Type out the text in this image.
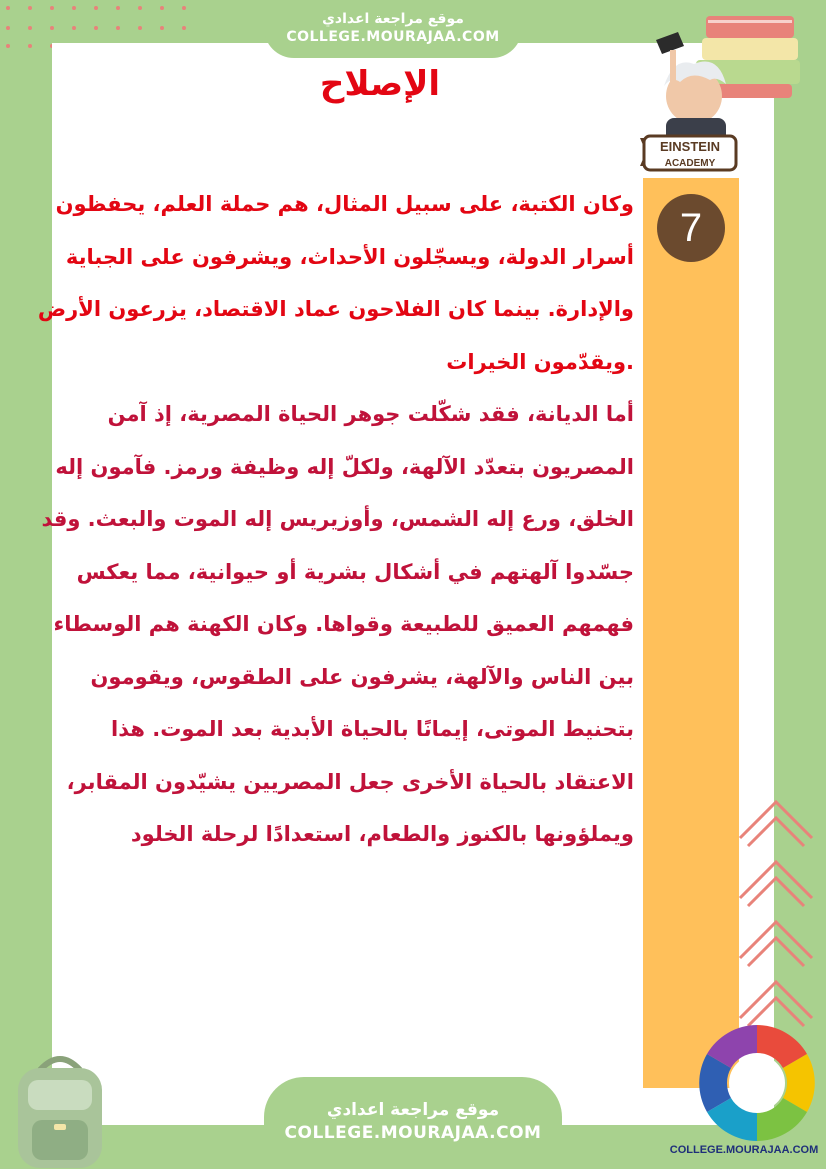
موقع مراجعة اعدادي
COLLEGE.MOURAJAA.COM
الإصلاح
7
EINSTEIN
ACADEMY
وكان الكتبة، على سبيل المثال، هم حملة العلم، يحفظون
أسرار الدولة، ويسجّلون الأحداث، ويشرفون على الجباية
والإدارة. بينما كان الفلاحون عماد الاقتصاد، يزرعون الأرض
.ويقدّمون الخيرات
أما الديانة، فقد شكّلت جوهر الحياة المصرية، إذ آمن
المصريون بتعدّد الآلهة، ولكلّ إله وظيفة ورمز. فآمون إله
الخلق، ورع إله الشمس، وأوزيريس إله الموت والبعث. وقد
جسّدوا آلهتهم في أشكال بشرية أو حيوانية، مما يعكس
فهمهم العميق للطبيعة وقواها. وكان الكهنة هم الوسطاء
بين الناس والآلهة، يشرفون على الطقوس، ويقومون
بتحنيط الموتى، إيمانًا بالحياة الأبدية بعد الموت. هذا
الاعتقاد بالحياة الأخرى جعل المصريين يشيّدون المقابر،
ويملؤونها بالكنوز والطعام، استعدادًا لرحلة الخلود
موقع مراجعة اعدادي
COLLEGE.MOURAJAA.COM
COLLEGE.MOURAJAA.COM
